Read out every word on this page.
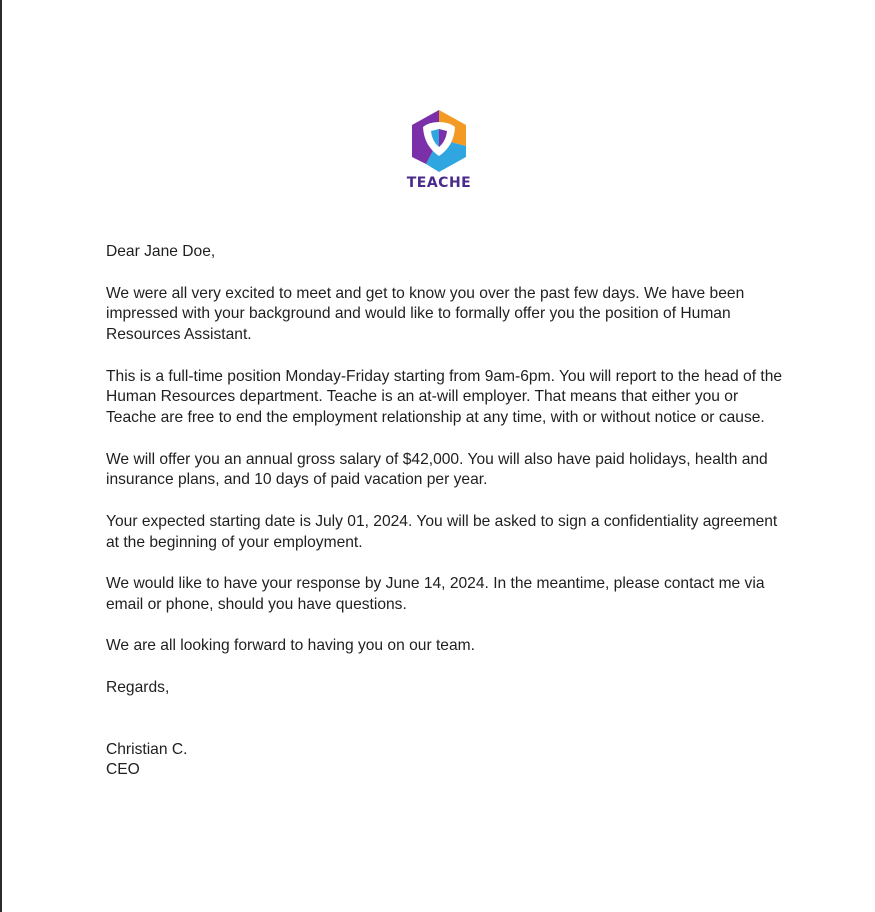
TEACHE

Dear Jane Doe,

We were all very excited to meet and get to know you over the past few days. We have been impressed with your background and would like to formally offer you the position of Human Resources Assistant.

This is a full-time position Monday-Friday starting from 9am-6pm. You will report to the head of the Human Resources department. Teache is an at-will employer. That means that either you or Teache are free to end the employment relationship at any time, with or without notice or cause.

We will offer you an annual gross salary of $42,000. You will also have paid holidays, health and insurance plans, and 10 days of paid vacation per year.

Your expected starting date is July 01, 2024. You will be asked to sign a confidentiality agreement at the beginning of your employment.

We would like to have your response by June 14, 2024. In the meantime, please contact me via email or phone, should you have questions.

We are all looking forward to having you on our team.

Regards,

Christian C.
CEO
